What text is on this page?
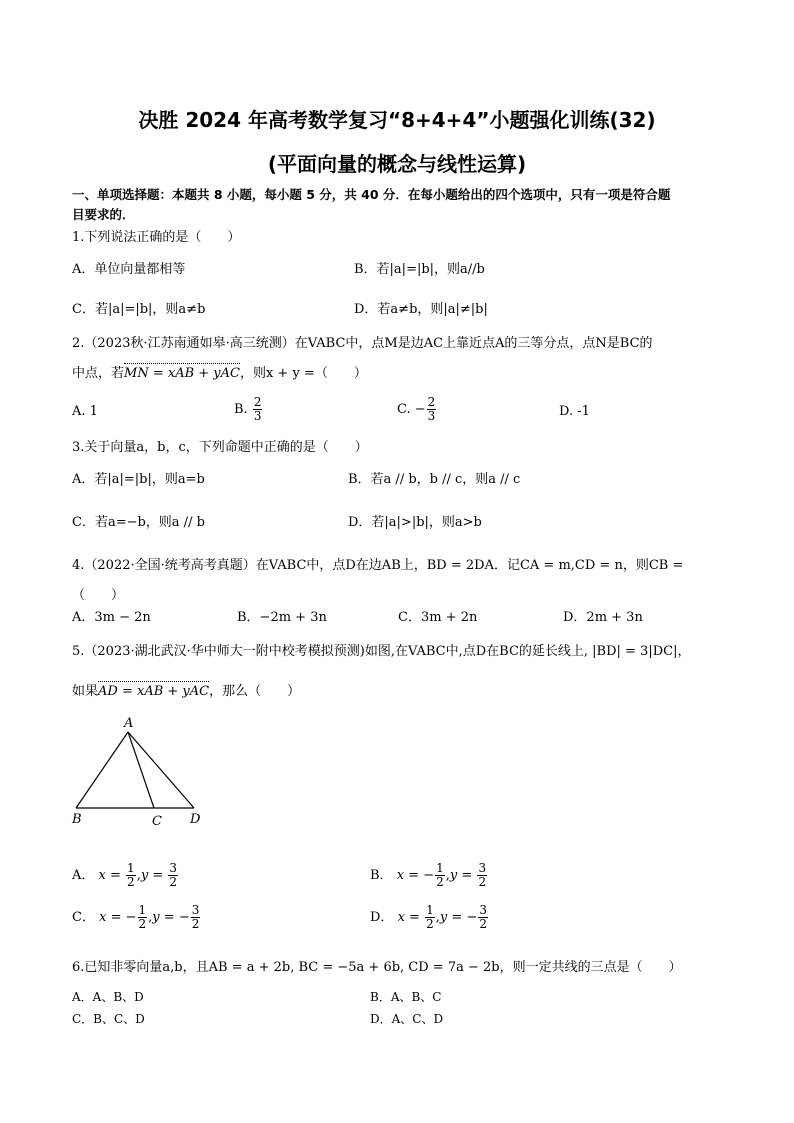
决胜 2024 年高考数学复习“8+4+4”小题强化训练(32)
(平面向量的概念与线性运算)
一、单项选择题：本题共 8 小题，每小题 5 分，共 40 分．在每小题给出的四个选项中，只有一项是符合题
目要求的．
1.下列说法正确的是（　　）
A．单位向量都相等	B．若|a|=|b|，则a//b
C．若|a|=|b|，则a≠b	D．若a≠b，则|a|≠|b|
2.（2023秋·江苏南通如皋·高三统测）在VABC中，点M是边AC上靠近点A的三等分点，点N是BC的
中点，若MN = xAB + yAC，则x + y =（　　）
A. 1	B. $\frac{2}{3}$	C. − $\frac{2}{3}$	D. -1
3.关于向量a，b，c，下列命题中正确的是（　　）
A．若|a|=|b|，则a=b	B．若a // b，b // c，则a // c
C．若a=−b，则a // b	D．若|a|>|b|，则a>b
4.（2022·全国·统考高考真题）在VABC中，点D在边AB上，BD = 2DA．记CA = m,CD = n，则CB =
（　　）
A．3m − 2n	B．−2m + 3n	C．3m + 2n	D．2m + 3n
5.（2023·湖北武汉·华中师大一附中校考模拟预测)如图,在VABC中,点D在BC的延长线上, |BD| = 3|DC|，
如果AD = xAB + yAC，那么（　　）
A
B	C D
A． $x = \frac{1}{2} ,y = \frac{3}{2}$	B． x = − $\frac{1}{2} ,y = \frac{3}{2}$
C． x = − $\frac{1}{2} ,y$ = − $\frac{3}{2}$	D． $x = \frac{1}{2} ,y$ = − $\frac{3}{2}$
6.已知非零向量a,b，且AB = a + 2b, BC = −5a + 6b, CD = 7a − 2b，则一定共线的三点是（　　）
A．A、B、D	B．A、B、C
C．B、C、D	D．A、C、D
